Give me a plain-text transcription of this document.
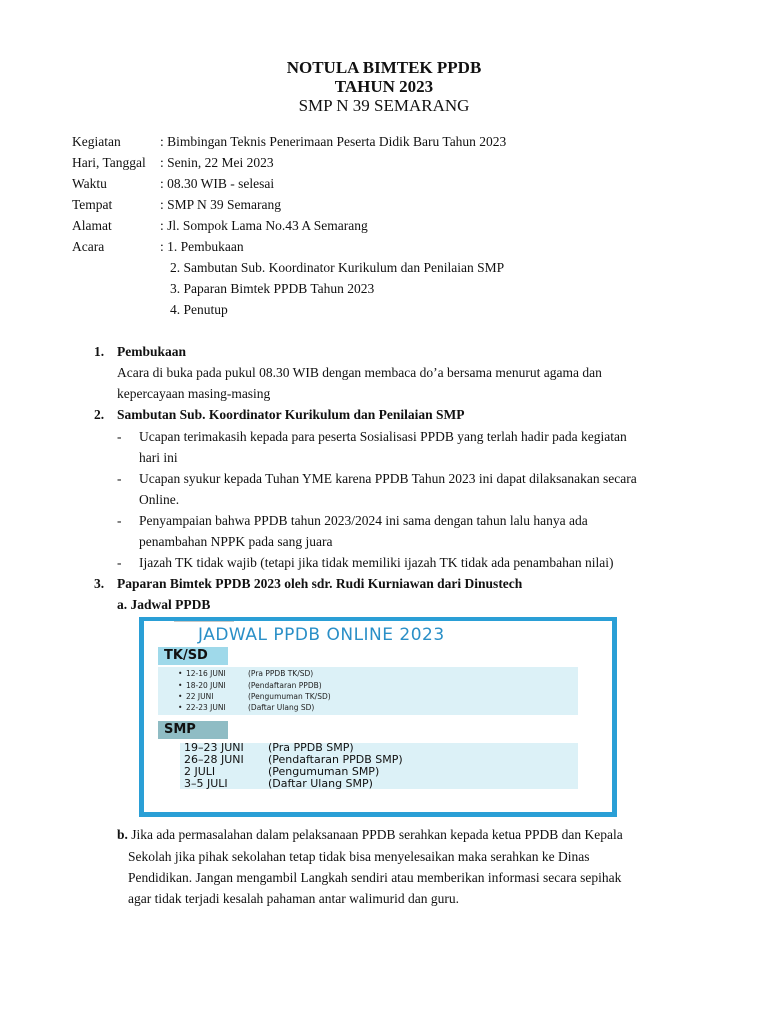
NOTULA BIMTEK PPDB
TAHUN 2023
SMP N 39 SEMARANG
Kegiatan	: Bimbingan Teknis Penerimaan Peserta Didik Baru Tahun 2023
Hari, Tanggal : Senin, 22 Mei 2023
Waktu	: 08.30 WIB - selesai
Tempat	: SMP N 39 Semarang
Alamat	: Jl. Sompok Lama No.43 A Semarang
Acara	: 1. Pembukaan
2. Sambutan Sub. Koordinator Kurikulum dan Penilaian SMP
3. Paparan Bimtek PPDB Tahun 2023
4. Penutup
1. Pembukaan
Acara di buka pada pukul 08.30 WIB dengan membaca do’a bersama menurut agama dan
kepercayaan masing-masing
2. Sambutan Sub. Koordinator Kurikulum dan Penilaian SMP
- Ucapan terimakasih kepada para peserta Sosialisasi PPDB yang terlah hadir pada kegiatan
hari ini
- Ucapan syukur kepada Tuhan YME karena PPDB Tahun 2023 ini dapat dilaksanakan secara
Online.
- Penyampaian bahwa PPDB tahun 2023/2024 ini sama dengan tahun lalu hanya ada
penambahan NPPK pada sang juara
- Ijazah TK tidak wajib (tetapi jika tidak memiliki ijazah TK tidak ada penambahan nilai)
3. Paparan Bimtek PPDB 2023 oleh sdr. Rudi Kurniawan dari Dinustech
a. Jadwal PPDB
JADWAL PPDB ONLINE 2023
TK/SD
• 12-16 JUNI	(Pra PPDB TK/SD)
• 18-20 JUNI	(Pendaftaran PPDB)
• 22 JUNI	(Pengumuman TK/SD)
• 22-23 JUNI	(Daftar Ulang SD)
SMP
19–23 JUNI (Pra PPDB SMP)
26–28 JUNI (Pendaftaran PPDB SMP)
2 JULI	(Pengumuman SMP)
3–5 JULI	(Daftar Ulang SMP)
b. Jika ada permasalahan dalam pelaksanaan PPDB serahkan kepada ketua PPDB dan Kepala
Sekolah jika pihak sekolahan tetap tidak bisa menyelesaikan maka serahkan ke Dinas
Pendidikan. Jangan mengambil Langkah sendiri atau memberikan informasi secara sepihak
agar tidak terjadi kesalah pahaman antar walimurid dan guru.
